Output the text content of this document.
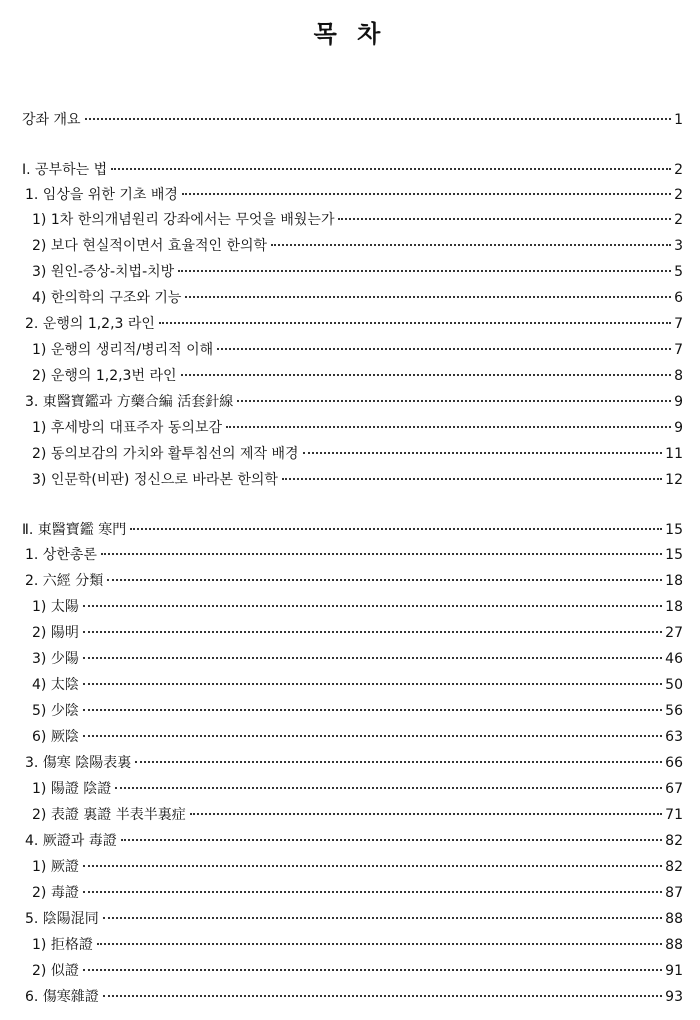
목 차
강좌 개요	1
Ⅰ. 공부하는 법	2
1. 임상을 위한 기초 배경	2
1) 1차 한의개념원리 강좌에서는 무엇을 배웠는가	2
2) 보다 현실적이면서 효율적인 한의학	3
3) 원인-증상-치법-치방	5
4) 한의학의 구조와 기능	6
2. 운행의 1,2,3 라인	7
1) 운행의 생리적/병리적 이해	7
2) 운행의 1,2,3번 라인	8
3. 東醫寶鑑과 方藥合編 活套針線	9
1) 후세방의 대표주자 동의보감	9
2) 동의보감의 가치와 활투침선의 제작 배경	11
3) 인문학(비판) 정신으로 바라본 한의학	12
Ⅱ. 東醫寶鑑 寒門	15
1. 상한총론	15
2. 六經 分類	18
1) 太陽	18
2) 陽明	27
3) 少陽	46
4) 太陰	50
5) 少陰	56
6) 厥陰	63
3. 傷寒 陰陽表裏	66
1) 陽證 陰證	67
2) 表證 裏證 半表半裏症	71
4. 厥證과 毒證	82
1) 厥證	82
2) 毒證	87
5. 陰陽混同	88
1) 拒格證	88
2) 似證	91
6. 傷寒雜證	93
